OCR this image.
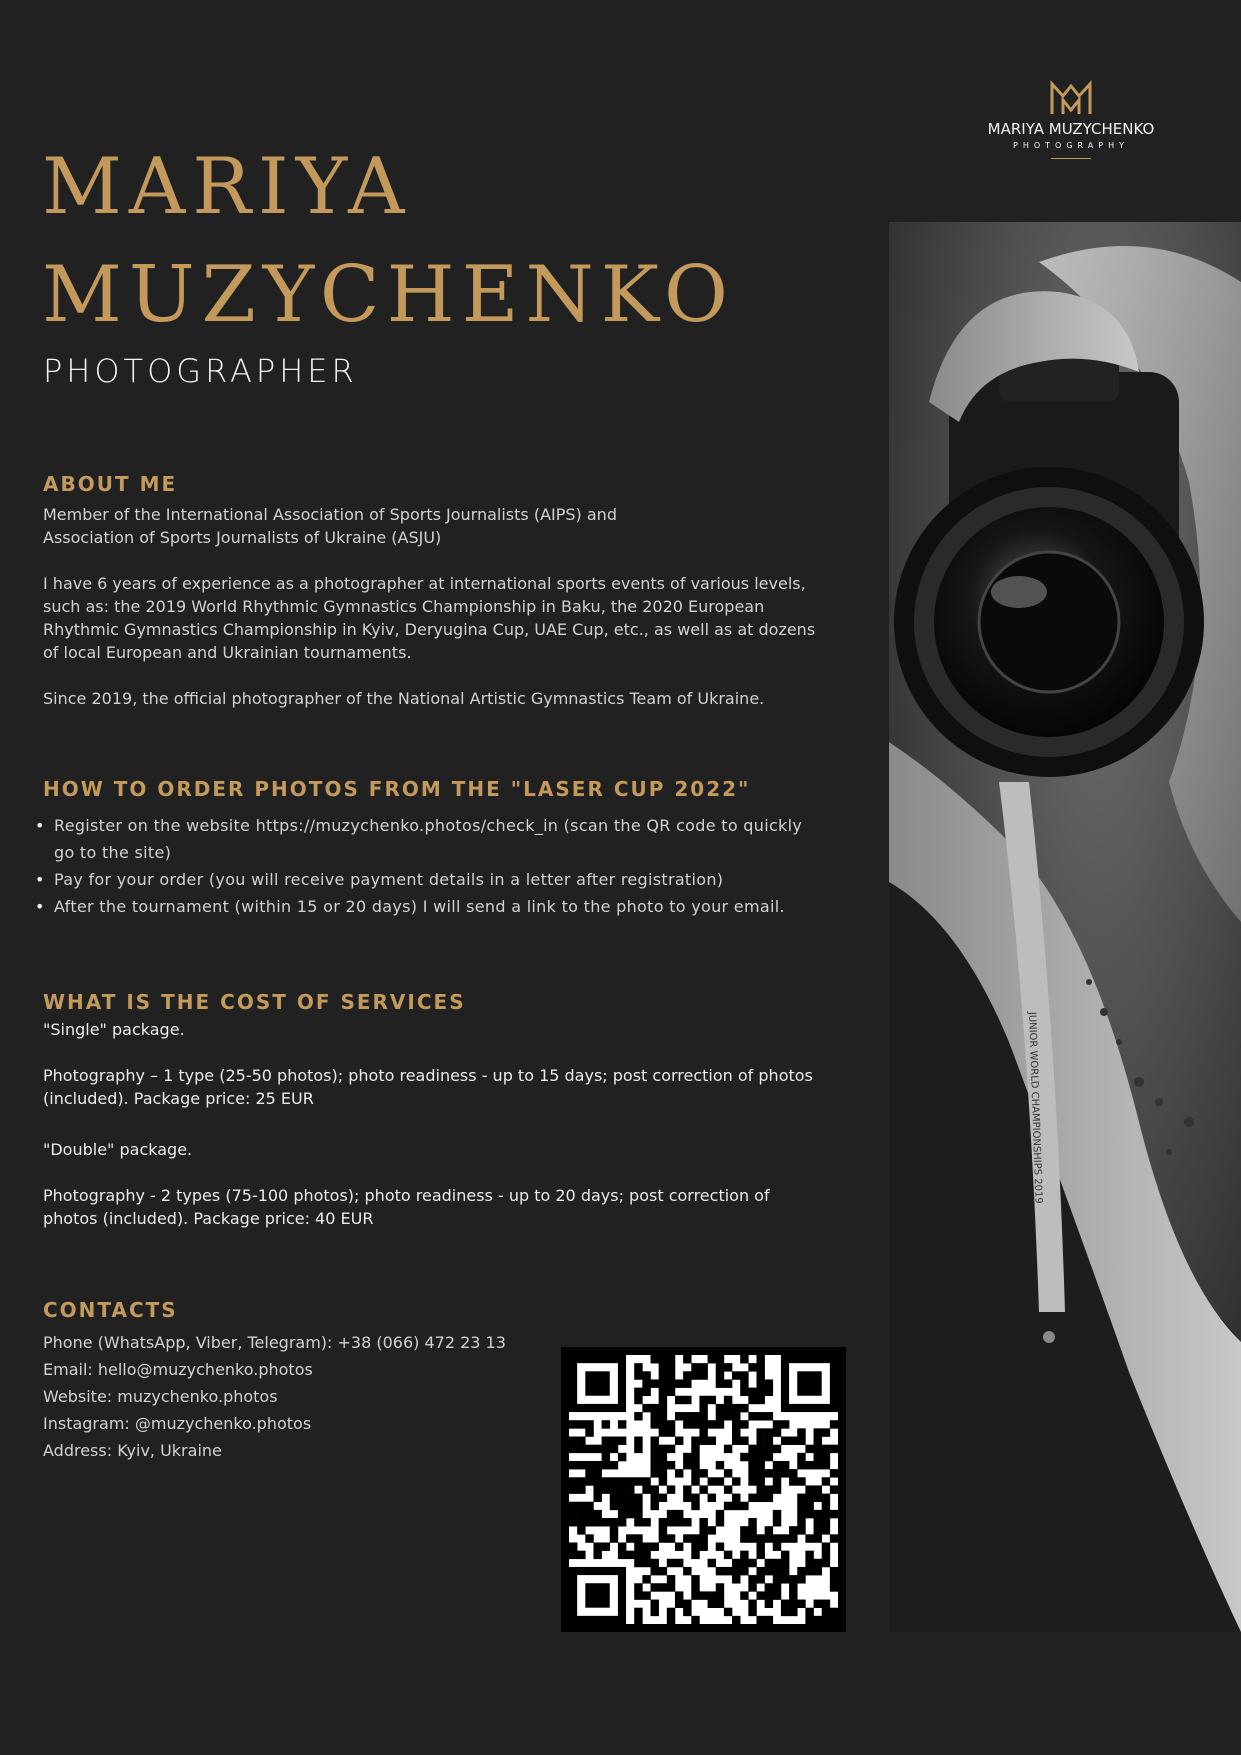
MARIYA MUZYCHENKO
PHOTOGRAPHY
MARIYA
MUZYCHENKO
PHOTOGRAPHER
ABOUT ME
Member of the International Association of Sports Journalists (AIPS) and Association of Sports Journalists of Ukraine (ASJU)
I have 6 years of experience as a photographer at international sports events of various levels, such as: the 2019 World Rhythmic Gymnastics Championship in Baku, the 2020 European Rhythmic Gymnastics Championship in Kyiv, Deryugina Cup, UAE Cup, etc., as well as at dozens of local European and Ukrainian tournaments.
Since 2019, the official photographer of the National Artistic Gymnastics Team of Ukraine.
HOW TO ORDER PHOTOS FROM THE "LASER CUP 2022"
• Register on the website https://muzychenko.photos/check_in (scan the QR code to quickly go to the site)
• Pay for your order (you will receive payment details in a letter after registration)
• After the tournament (within 15 or 20 days) I will send a link to the photo to your email.
WHAT IS THE COST OF SERVICES
"Single" package.
Photography – 1 type (25-50 photos); photo readiness - up to 15 days; post correction of photos (included). Package price: 25 EUR
"Double" package.
Photography - 2 types (75-100 photos); photo readiness - up to 20 days; post correction of photos (included). Package price: 40 EUR
CONTACTS
Phone (WhatsApp, Viber, Telegram): +38 (066) 472 23 13
Email: hello@muzychenko.photos
Website: muzychenko.photos
Instagram: @muzychenko.photos
Address: Kyiv, Ukraine
JUNIOR WORLD CHAMPIONSHIPS 2019
